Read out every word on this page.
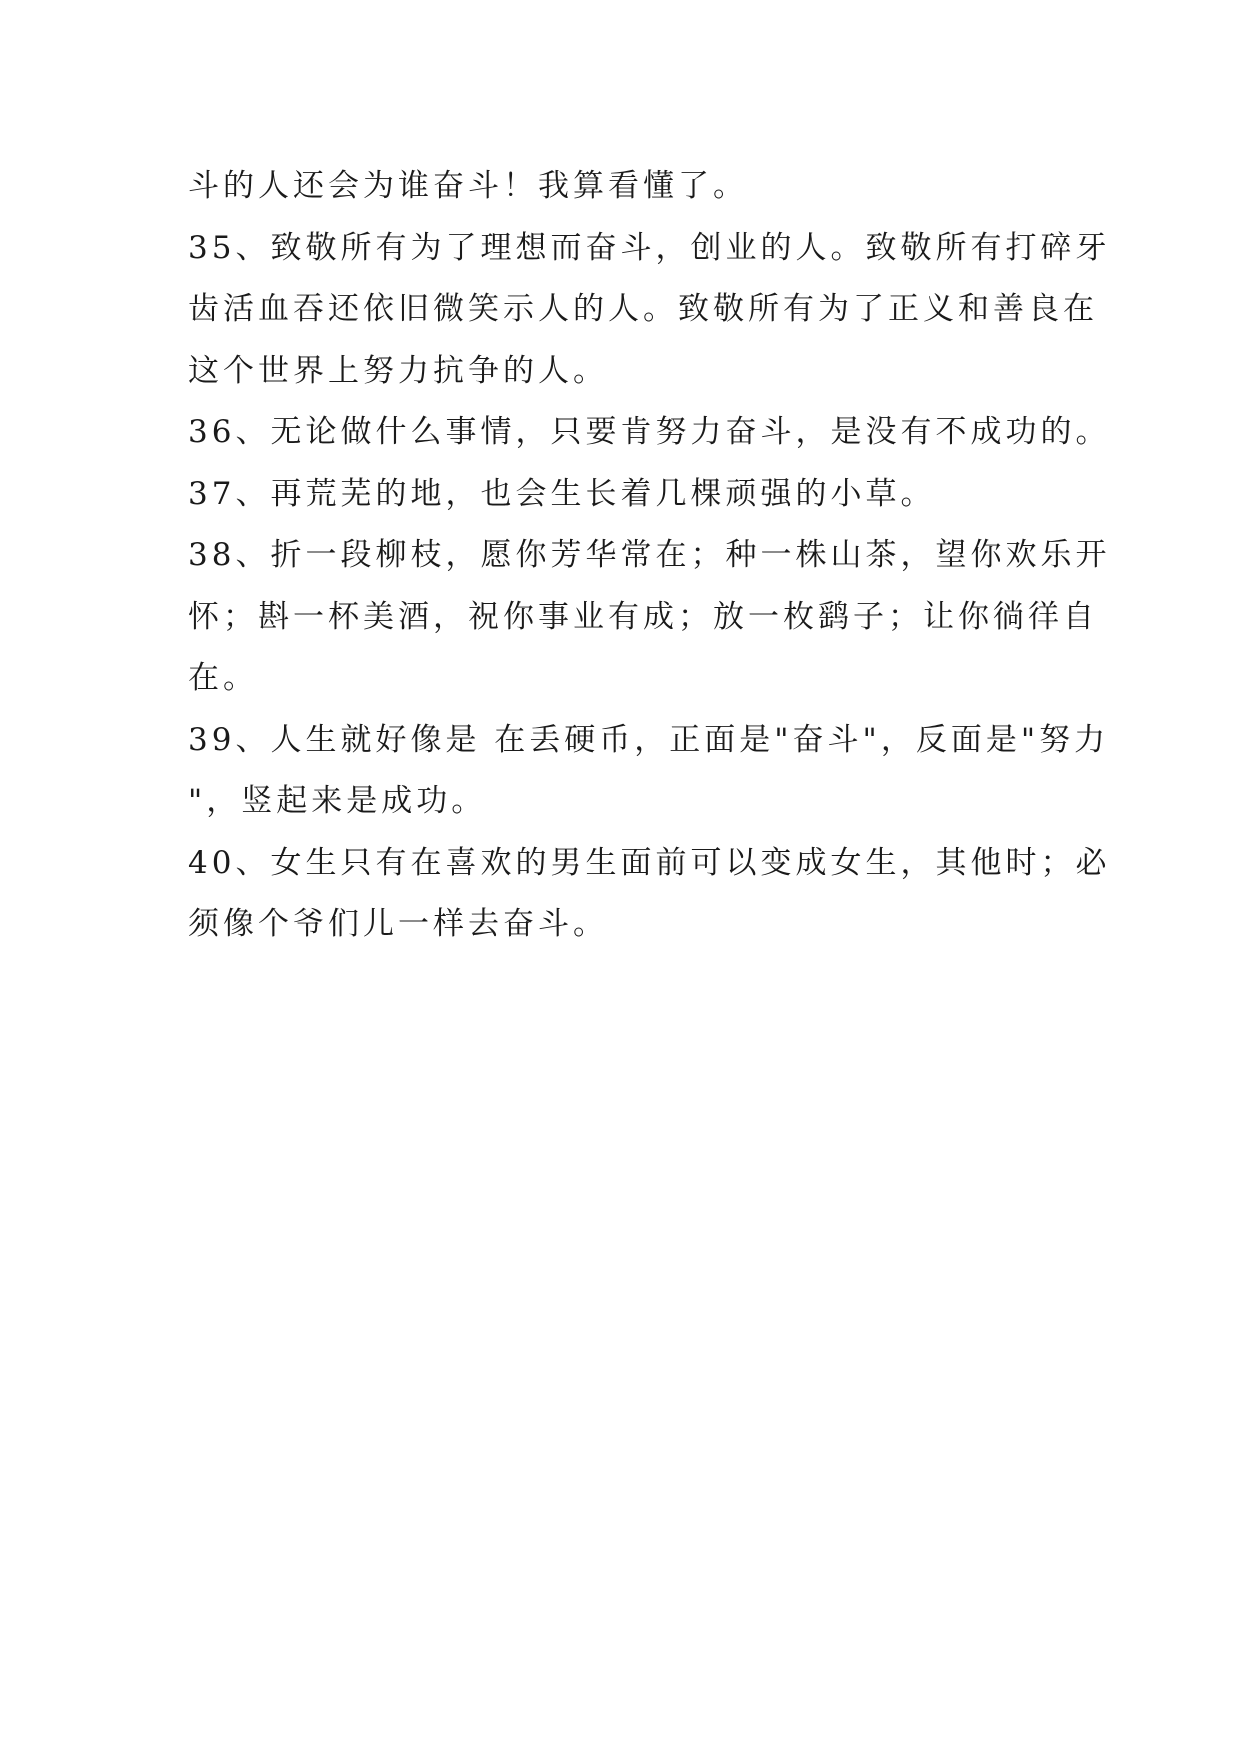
斗的人还会为谁奋斗！我算看懂了。
35、致敬所有为了理想而奋斗，创业的人。致敬所有打碎牙
齿活血吞还依旧微笑示人的人。致敬所有为了正义和善良在
这个世界上努力抗争的人。
36、无论做什么事情，只要肯努力奋斗，是没有不成功的。
37、再荒芜的地，也会生长着几棵顽强的小草。
38、折一段柳枝，愿你芳华常在；种一株山茶，望你欢乐开
怀；斟一杯美酒，祝你事业有成；放一枚鹞子；让你徜徉自
在。
39、人生就好像是 在丢硬币，正面是"奋斗"，反面是"努力
"，竖起来是成功。
40、女生只有在喜欢的男生面前可以变成女生，其他时；必
须像个爷们儿一样去奋斗。
